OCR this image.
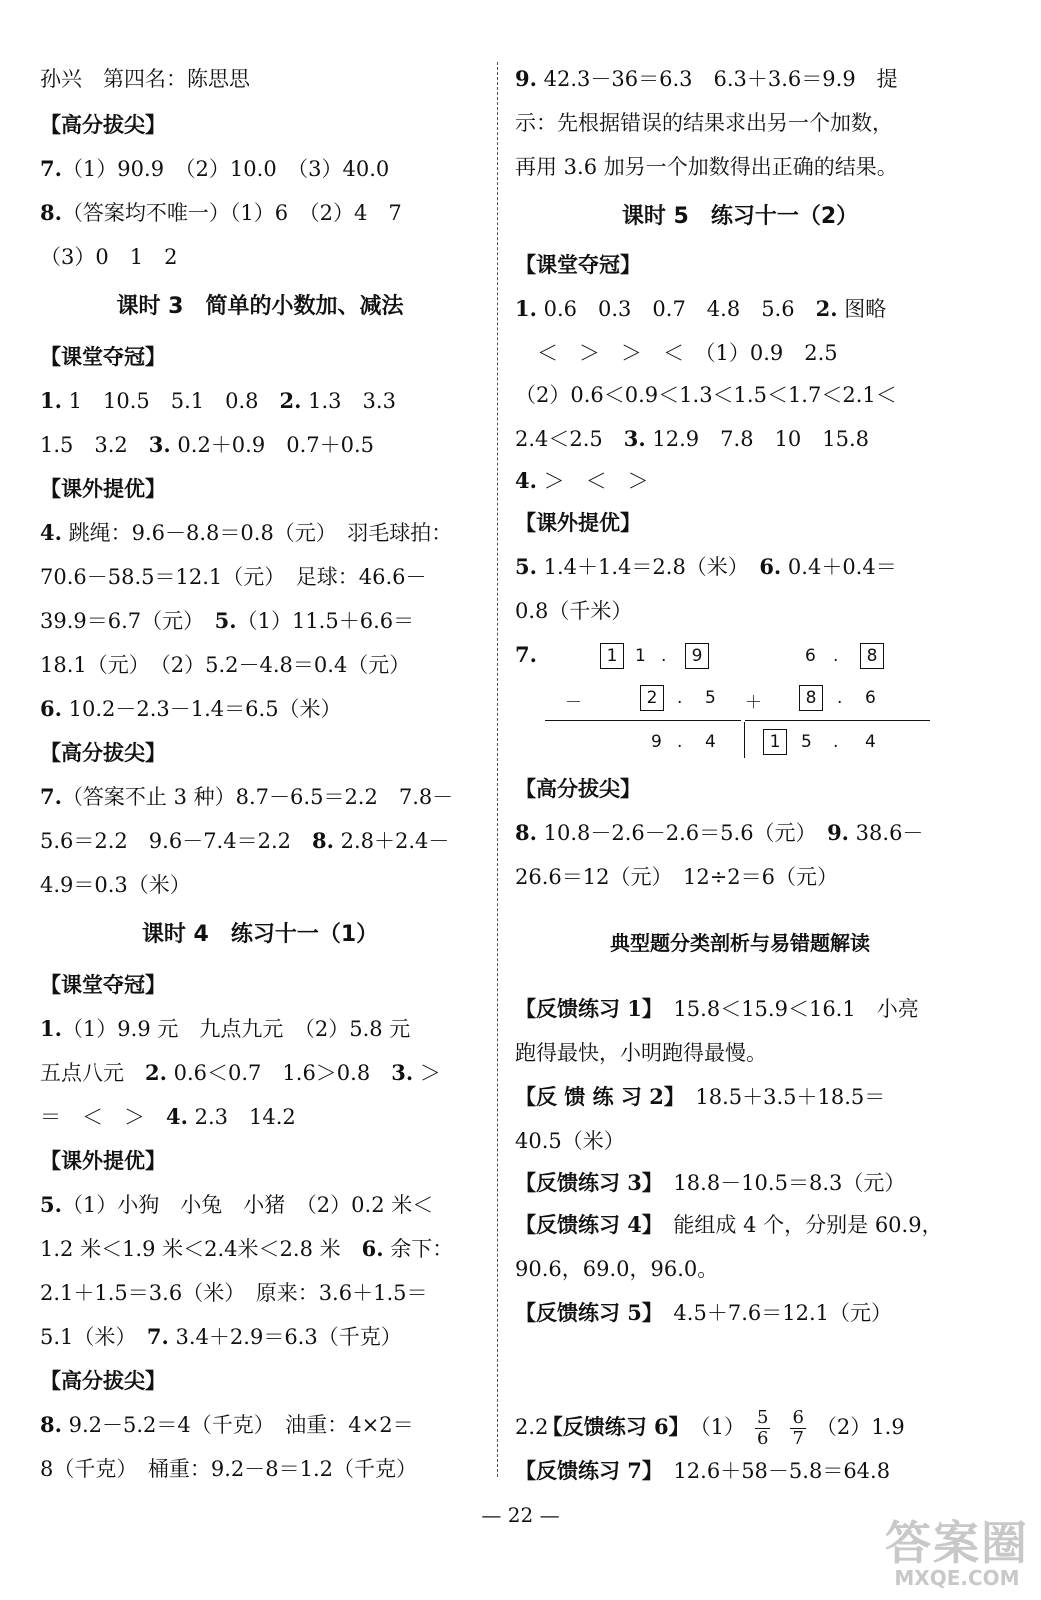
孙兴　第四名：陈思思
【高分拔尖】
7.（1）90.9　（2）10.0　（3）40.0
8.（答案均不唯一）（1）6　（2）4　7
（3）0　1　2
课时 3　简单的小数加、减法
【课堂夺冠】
1. 1　10.5　5.1　0.8　2. 1.3　3.3
1.5　3.2　3. 0.2＋0.9　0.7＋0.5
【课外提优】
4. 跳绳：9.6－8.8＝0.8（元）　羽毛球拍：
70.6－58.5＝12.1（元）　足球：46.6－
39.9＝6.7（元）　5.（1）11.5＋6.6＝
18.1（元）　（2）5.2－4.8＝0.4（元）
6. 10.2－2.3－1.4＝6.5（米）
【高分拔尖】
7.（答案不止 3 种）8.7－6.5＝2.2　7.8－
5.6＝2.2　9.6－7.4＝2.2　8. 2.8＋2.4－
4.9＝0.3（米）
课时 4　练习十一（1）
【课堂夺冠】
1.（1）9.9 元　九点九元　（2）5.8 元
五点八元　2. 0.6＜0.7　1.6＞0.8　3. ＞
＝　＜　＞　4. 2.3　14.2
【课外提优】
5.（1）小狗　小兔　小猪　（2）0.2 米＜
1.2 米＜1.9 米＜2.4米＜2.8 米　6. 余下：
2.1＋1.5＝3.6（米）　原来：3.6＋1.5＝
5.1（米）　7. 3.4＋2.9＝6.3（千克）
【高分拔尖】
8. 9.2－5.2＝4（千克）　油重：4×2＝
8（千克）　桶重：9.2－8＝1.2（千克）
9. 42.3－36＝6.3　6.3＋3.6＝9.9　提
示：先根据错误的结果求出另一个加数，
再用 3.6 加另一个加数得出正确的结果。
课时 5　练习十一（2）
【课堂夺冠】
1. 0.6　0.3　0.7　4.8　5.6　2. 图略
＜　＞　＞　＜　（1）0.9　2.5
（2）0.6＜0.9＜1.3＜1.5＜1.7＜2.1＜
2.4＜2.5　3. 12.9　7.8　10　15.8
4. ＞　＜　＞
【课外提优】
5. 1.4＋1.4＝2.8（米）　6. 0.4＋0.4＝
0.8（千米）
7.	1	1 .	9
－	2	. 5
9 . 4
6 .	8
＋	8	. 6
1	5 . 4
【高分拔尖】
8. 10.8－2.6－2.6＝5.6（元）　9. 38.6－
26.6＝12（元）　12÷2＝6（元）
典型题分类剖析与易错题解读
【反馈练习 1】　15.8＜15.9＜16.1　小亮
跑得最快，小明跑得最慢。
【反 馈 练 习 2】　18.5＋3.5＋18.5＝
40.5（米）
【反馈练习 3】　18.8－10.5＝8.3（元）
【反馈练习 4】　能组成 4 个，分别是 60.9，
90.6，69.0，96.0。
【反馈练习 5】　4.5＋7.6＝12.1（元）

【反馈练习 6】　$(1) \frac{5}{6} \frac{6}{7} (2)1.9$

2.2
【反馈练习 7】　12.6＋58－5.8＝64.8
— 22 —
答案圈
MXQE.COM
